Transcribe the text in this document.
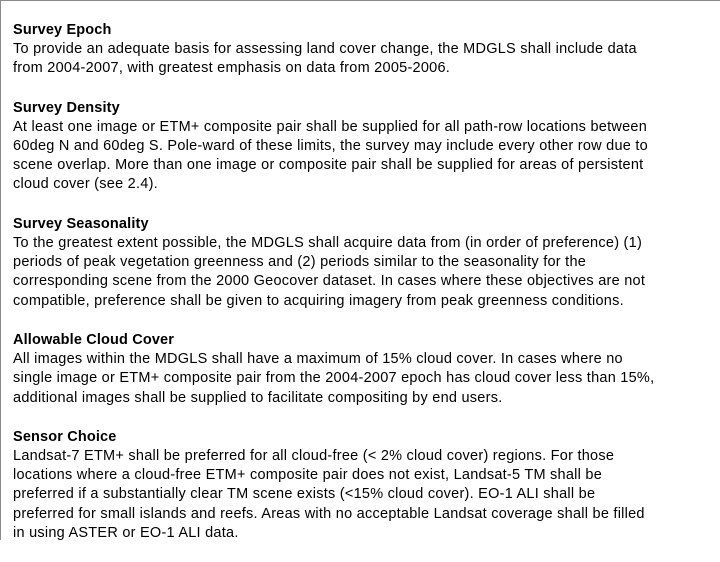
Survey Epoch

To provide an adequate basis for assessing land cover change, the MDGLS shall include data
from 2004-2007, with greatest emphasis on data from 2005-2006.

Survey Density

At least one image or ETM+ composite pair shall be supplied for all path-row locations between
60deg N and 60deg S. Pole-ward of these limits, the survey may include every other row due to
scene overlap. More than one image or composite pair shall be supplied for areas of persistent
cloud cover (see 2.4).

Survey Seasonality

To the greatest extent possible, the MDGLS shall acquire data from (in order of preference) (1)
periods of peak vegetation greenness and (2) periods similar to the seasonality for the
corresponding scene from the 2000 Geocover dataset. In cases where these objectives are not
compatible, preference shall be given to acquiring imagery from peak greenness conditions.

Allowable Cloud Cover

All images within the MDGLS shall have a maximum of 15% cloud cover. In cases where no
single image or ETM+ composite pair from the 2004-2007 epoch has cloud cover less than 15%,
additional images shall be supplied to facilitate compositing by end users.

Sensor Choice

Landsat-7 ETM+ shall be preferred for all cloud-free (< 2% cloud cover) regions. For those
locations where a cloud-free ETM+ composite pair does not exist, Landsat-5 TM shall be
preferred if a substantially clear TM scene exists (<15% cloud cover). EO-1 ALI shall be
preferred for small islands and reefs. Areas with no acceptable Landsat coverage shall be filled
in using ASTER or EO-1 ALI data.
